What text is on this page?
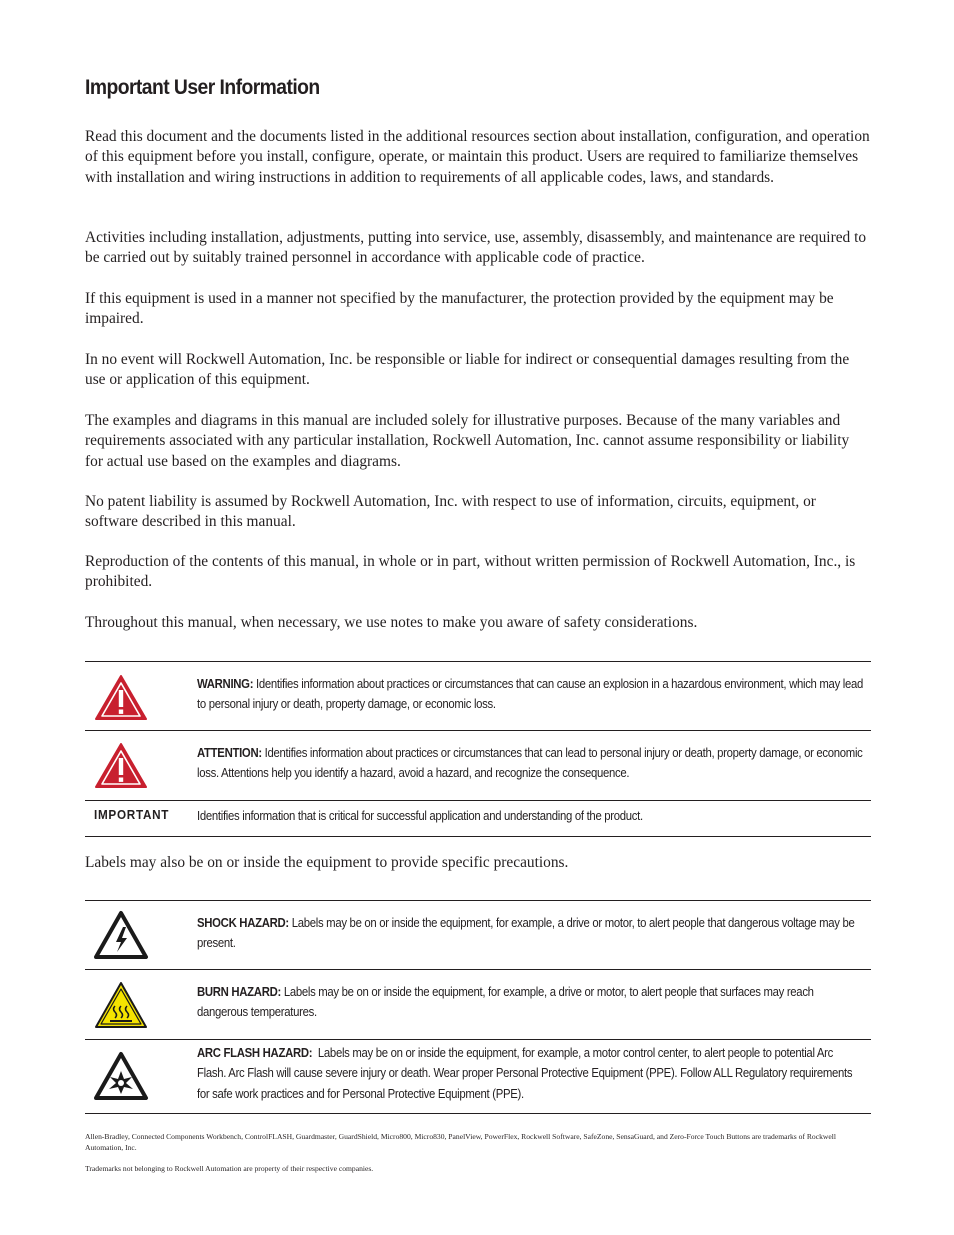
Important User Information

Read this document and the documents listed in the additional resources section about installation, configuration, and operation of this equipment before you install, configure, operate, or maintain this product. Users are required to familiarize themselves with installation and wiring instructions in addition to requirements of all applicable codes, laws, and standards.

Activities including installation, adjustments, putting into service, use, assembly, disassembly, and maintenance are required to be carried out by suitably trained personnel in accordance with applicable code of practice.

If this equipment is used in a manner not specified by the manufacturer, the protection provided by the equipment may be impaired.

In no event will Rockwell Automation, Inc. be responsible or liable for indirect or consequential damages resulting from the use or application of this equipment.

The examples and diagrams in this manual are included solely for illustrative purposes. Because of the many variables and requirements associated with any particular installation, Rockwell Automation, Inc. cannot assume responsibility or liability for actual use based on the examples and diagrams.

No patent liability is assumed by Rockwell Automation, Inc. with respect to use of information, circuits, equipment, or software described in this manual.

Reproduction of the contents of this manual, in whole or in part, without written permission of Rockwell Automation, Inc., is prohibited.

Throughout this manual, when necessary, we use notes to make you aware of safety considerations.

WARNING: Identifies information about practices or circumstances that can cause an explosion in a hazardous environment, which may lead to personal injury or death, property damage, or economic loss.
ATTENTION: Identifies information about practices or circumstances that can lead to personal injury or death, property damage, or economic loss. Attentions help you identify a hazard, avoid a hazard, and recognize the consequence.
IMPORTANT Identifies information that is critical for successful application and understanding of the product.

Labels may also be on or inside the equipment to provide specific precautions.

SHOCK HAZARD: Labels may be on or inside the equipment, for example, a drive or motor, to alert people that dangerous voltage may be present.
BURN HAZARD: Labels may be on or inside the equipment, for example, a drive or motor, to alert people that surfaces may reach dangerous temperatures.
ARC FLASH HAZARD: Labels may be on or inside the equipment, for example, a motor control center, to alert people to potential Arc Flash. Arc Flash will cause severe injury or death. Wear proper Personal Protective Equipment (PPE). Follow ALL Regulatory requirements for safe work practices and for Personal Protective Equipment (PPE).

Allen-Bradley, Connected Components Workbench, ControlFLASH, Guardmaster, GuardShield, Micro800, Micro830, PanelView, PowerFlex, Rockwell Software, SafeZone, SensaGuard, and Zero-Force Touch Buttons are trademarks of Rockwell Automation, Inc.

Trademarks not belonging to Rockwell Automation are property of their respective companies.
